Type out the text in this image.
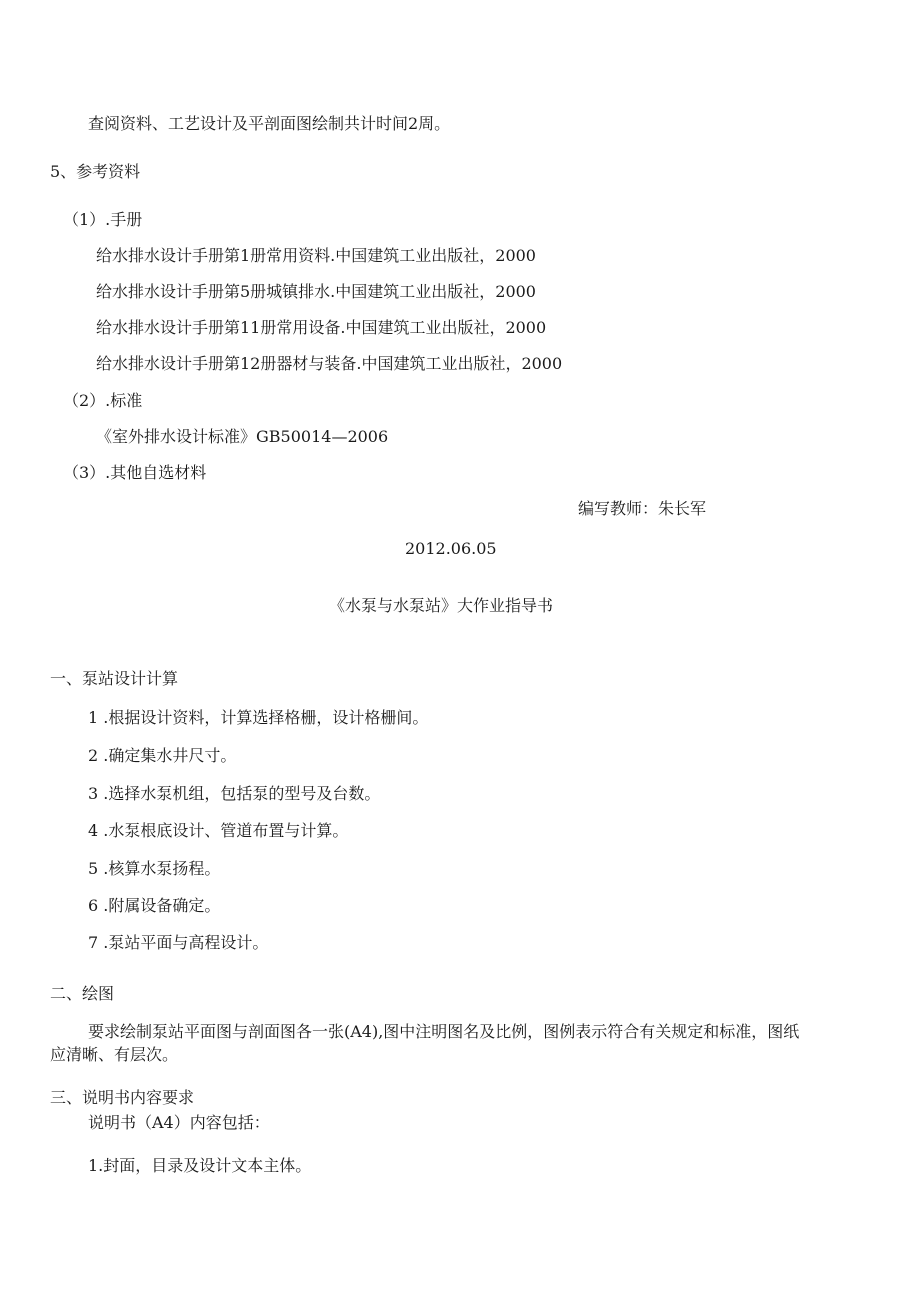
查阅资料、工艺设计及平剖面图绘制共计时间2周。
5、参考资料
（1）.手册
给水排水设计手册第1册常用资料.中国建筑工业出版社，2000
给水排水设计手册第5册城镇排水.中国建筑工业出版社，2000
给水排水设计手册第11册常用设备.中国建筑工业出版社，2000
给水排水设计手册第12册器材与装备.中国建筑工业出版社，2000
（2）.标准
《室外排水设计标准》GB50014—2006
（3）.其他自选材料
编写教师：朱长军
2012.06.05
《水泵与水泵站》大作业指导书
一、泵站设计计算
1 .根据设计资料，计算选择格栅，设计格栅间。
2 .确定集水井尺寸。
3 .选择水泵机组，包括泵的型号及台数。
4 .水泵根底设计、管道布置与计算。
5 .核算水泵扬程。
6 .附属设备确定。
7 .泵站平面与高程设计。
二、绘图
要求绘制泵站平面图与剖面图各一张(A4),图中注明图名及比例，图例表示符合有关规定和标准，图纸
应清晰、有层次。
三、说明书内容要求
说明书（A4）内容包括：
1.封面，目录及设计文本主体。
